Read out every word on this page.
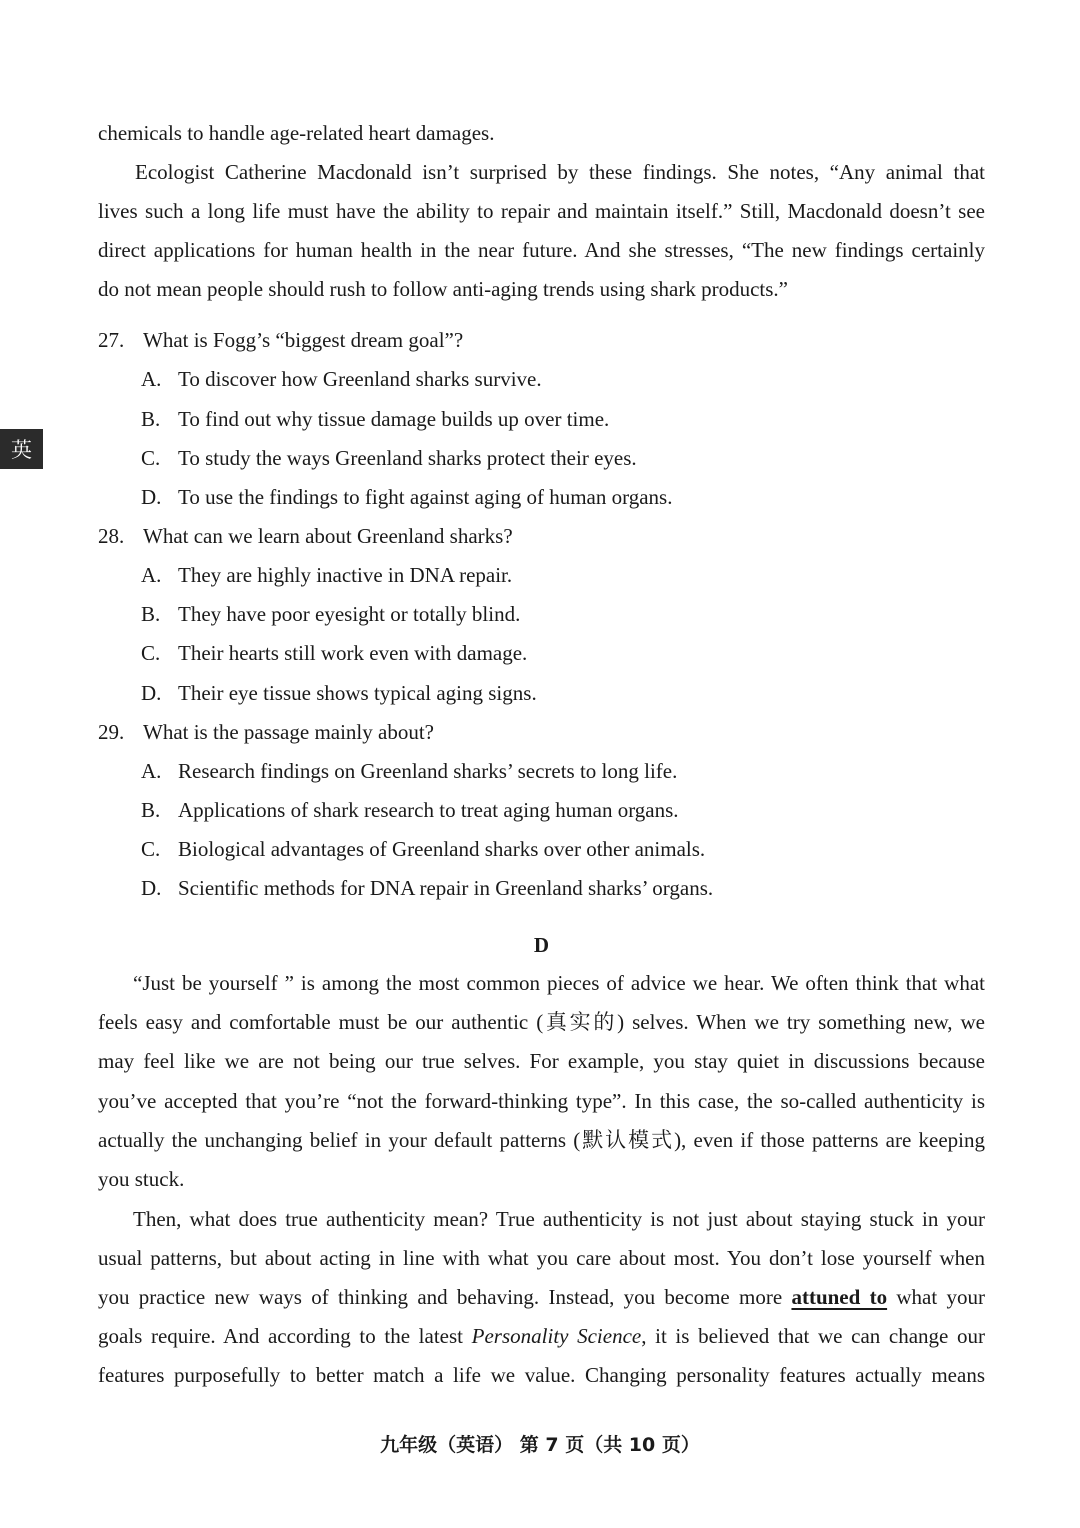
英
chemicals to handle age-related heart damages.
Ecologist Catherine Macdonald isn’t surprised by these findings. She notes, “Any animal that
lives such a long life must have the ability to repair and maintain itself.” Still, Macdonald doesn’t see
direct applications for human health in the near future. And she stresses, “The new findings certainly
do not mean people should rush to follow anti-aging trends using shark products.”
27. What is Fogg’s “biggest dream goal”?
A. To discover how Greenland sharks survive.
B. To find out why tissue damage builds up over time.
C. To study the ways Greenland sharks protect their eyes.
D. To use the findings to fight against aging of human organs.
28. What can we learn about Greenland sharks?
A. They are highly inactive in DNA repair.
B. They have poor eyesight or totally blind.
C. Their hearts still work even with damage.
D. Their eye tissue shows typical aging signs.
29. What is the passage mainly about?
A. Research findings on Greenland sharks’ secrets to long life.
B. Applications of shark research to treat aging human organs.
C. Biological advantages of Greenland sharks over other animals.
D. Scientific methods for DNA repair in Greenland sharks’ organs.
D
“Just be yourself ” is among the most common pieces of advice we hear. We often think that what
feels easy and comfortable must be our authentic (真实的) selves. When we try something new, we
may feel like we are not being our true selves. For example, you stay quiet in discussions because
you’ve accepted that you’re “not the forward-thinking type”. In this case, the so-called authenticity is
actually the unchanging belief in your default patterns (默认模式), even if those patterns are keeping
you stuck.
Then, what does true authenticity mean? True authenticity is not just about staying stuck in your
usual patterns, but about acting in line with what you care about most. You don’t lose yourself when
you practice new ways of thinking and behaving. Instead, you become more attuned to what your
goals require. And according to the latest Personality Science, it is believed that we can change our
features purposefully to better match a life we value. Changing personality features actually means
九年级（英语） 第 7 页（共 10 页）
